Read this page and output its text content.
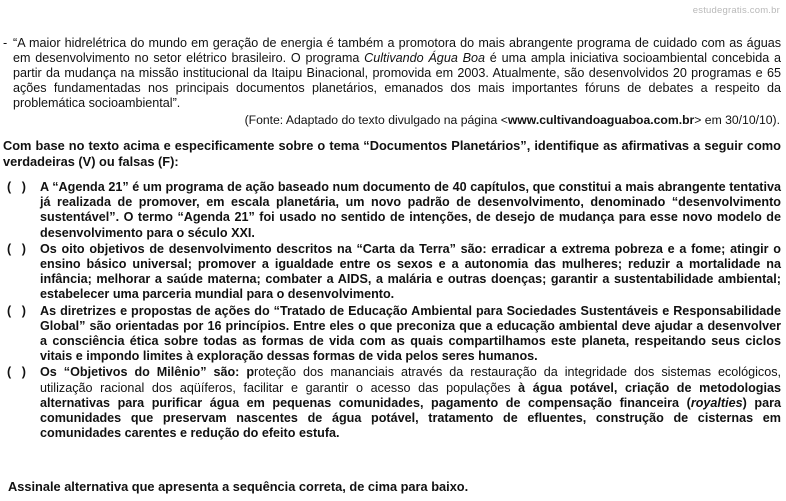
estudegratis.com.br
- “A maior hidrelétrica do mundo em geração de energia é também a promotora do mais abrangente programa de cuidado com as águas em desenvolvimento no setor elétrico brasileiro. O programa Cultivando Água Boa é uma ampla iniciativa socioambiental concebida a partir da mudança na missão institucional da Itaipu Binacional, promovida em 2003. Atualmente, são desenvolvidos 20 programas e 65 ações fundamentadas nos principais documentos planetários, emanados dos mais importantes fóruns de debates a respeito da problemática socioambiental”.
(Fonte: Adaptado do texto divulgado na página <www.cultivandoaguaboa.com.br> em 30/10/10).
Com base no texto acima e especificamente sobre o tema “Documentos Planetários”, identifique as afirmativas a seguir como verdadeiras (V) ou falsas (F):
(   ) A “Agenda 21” é um programa de ação baseado num documento de 40 capítulos, que constitui a mais abrangente tentativa já realizada de promover, em escala planetária, um novo padrão de desenvolvimento, denominado “desenvolvimento sustentável”. O termo “Agenda 21” foi usado no sentido de intenções, de desejo de mudança para esse novo modelo de desenvolvimento para o século XXI.
(   ) Os oito objetivos de desenvolvimento descritos na “Carta da Terra” são: erradicar a extrema pobreza e a fome; atingir o ensino básico universal; promover a igualdade entre os sexos e a autonomia das mulheres; reduzir a mortalidade na infância; melhorar a saúde materna; combater a AIDS, a malária e outras doenças; garantir a sustentabilidade ambiental; estabelecer uma parceria mundial para o desenvolvimento.
(   ) As diretrizes e propostas de ações do “Tratado de Educação Ambiental para Sociedades Sustentáveis e Responsabilidade Global” são orientadas por 16 princípios. Entre eles o que preconiza que a educação ambiental deve ajudar a desenvolver a consciência ética sobre todas as formas de vida com as quais compartilhamos este planeta, respeitando seus ciclos vitais e impondo limites à exploração dessas formas de vida pelos seres humanos.
(   ) Os “Objetivos do Milênio” são: proteção dos mananciais através da restauração da integridade dos sistemas ecológicos, utilização racional dos aqüíferos, facilitar e garantir o acesso das populações à água potável, criação de metodologias alternativas para purificar água em pequenas comunidades, pagamento de compensação financeira (royalties) para comunidades que preservam nascentes de água potável, tratamento de efluentes, construção de cisternas em comunidades carentes e redução do efeito estufa.
Assinale alternativa que apresenta a sequência correta, de cima para baixo.
